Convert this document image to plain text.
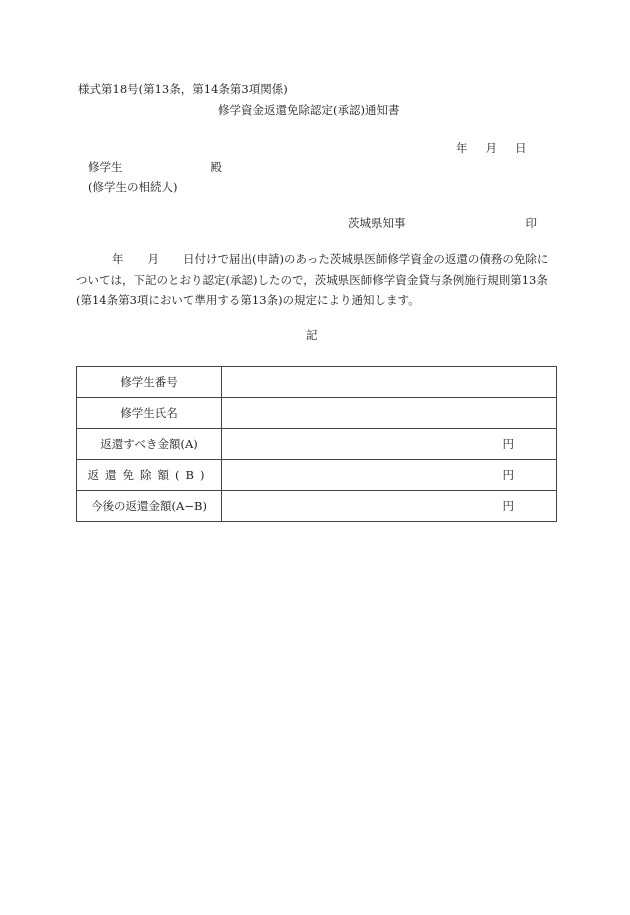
様式第18号(第13条，第14条第3項関係)
修学資金返還免除認定(承認)通知書
年 月 日
修学生	殿
(修学生の相続人)
茨城県知事	印
年 月 日付けで届出(申請)のあった茨城県医師修学資金の返還の債務の免除については，下記のとおり認定(承認)したので，茨城県医師修学資金貸与条例施行規則第13条(第14条第3項において準用する第13条)の規定により通知します。
記
修学生番号	
修学生氏名	
返還すべき金額(A)	円
返還免除額(B)	円
今後の返還金額(A−B)	円
